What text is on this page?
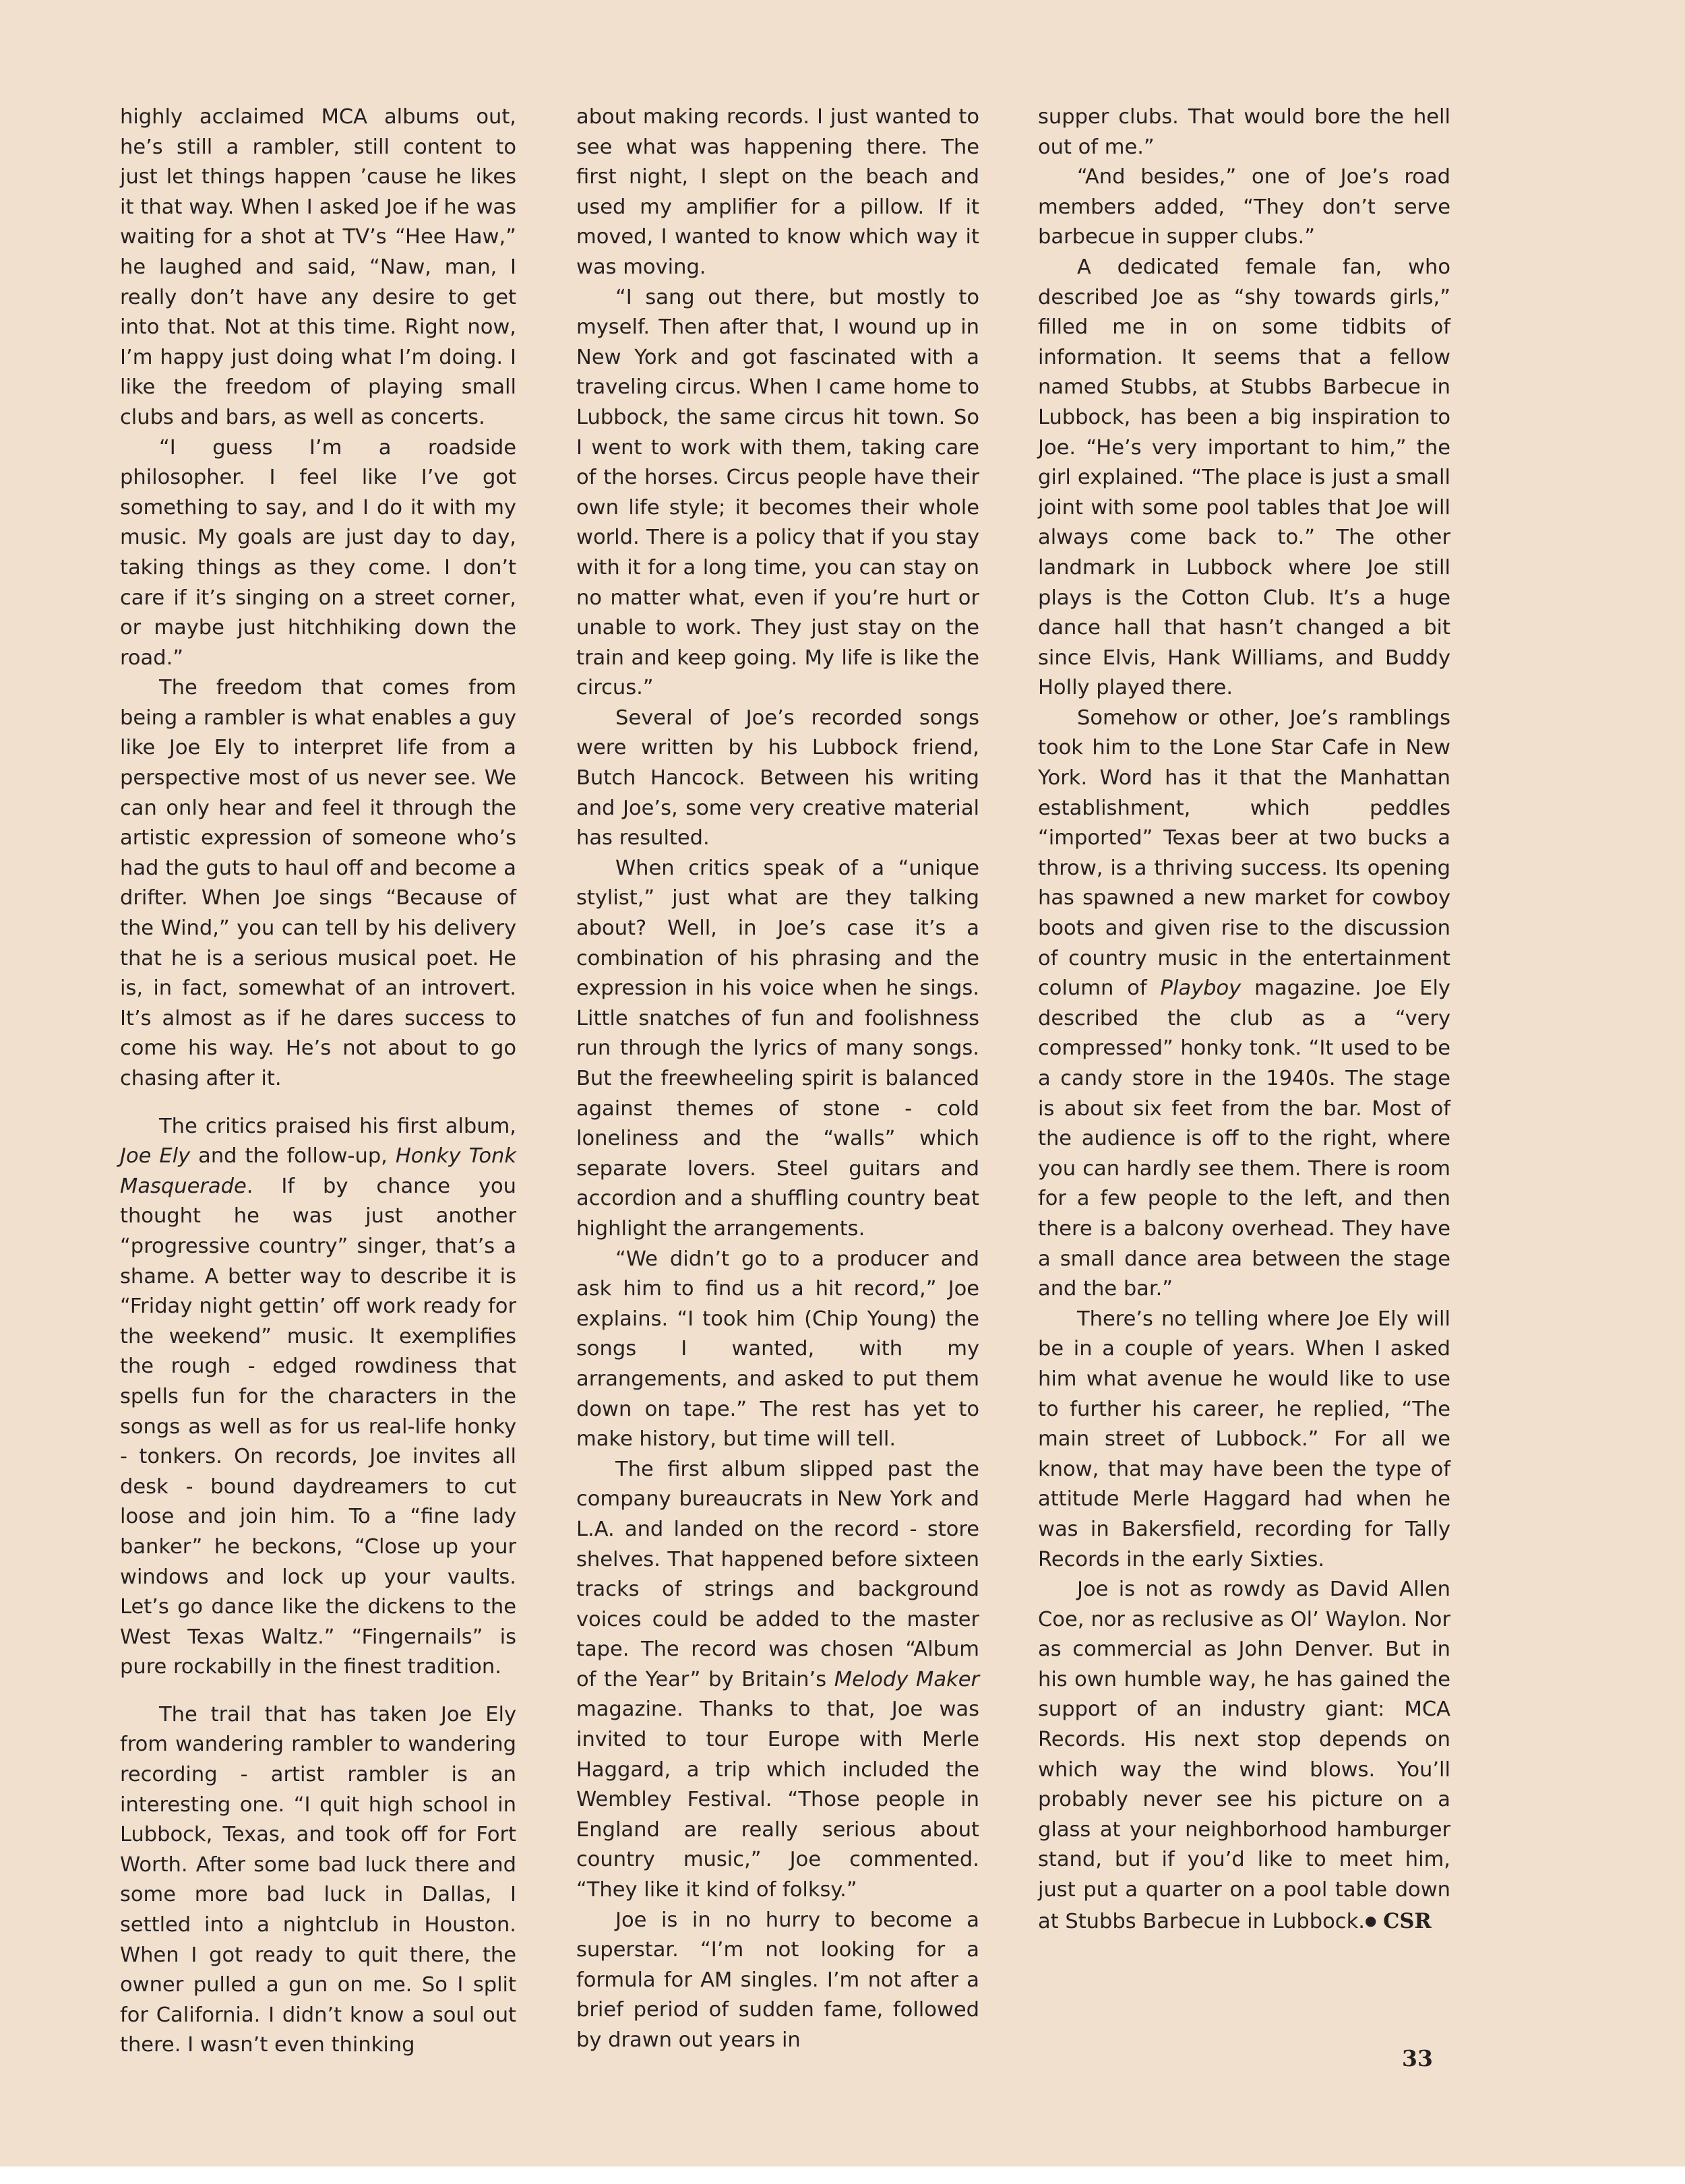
highly acclaimed MCA albums out, he’s still a rambler, still content to just let things happen ’cause he likes it that way. When I asked Joe if he was waiting for a shot at TV’s “Hee Haw,” he laughed and said, “Naw, man, I really don’t have any desire to get into that. Not at this time. Right now, I’m happy just doing what I’m doing. I like the freedom of playing small clubs and bars, as well as concerts.

“I guess I’m a roadside philosopher. I feel like I’ve got something to say, and I do it with my music. My goals are just day to day, taking things as they come. I don’t care if it’s singing on a street corner, or maybe just hitchhiking down the road.”

The freedom that comes from being a rambler is what enables a guy like Joe Ely to interpret life from a perspective most of us never see. We can only hear and feel it through the artistic expression of someone who’s had the guts to haul off and become a drifter. When Joe sings “Because of the Wind,” you can tell by his delivery that he is a serious musical poet. He is, in fact, somewhat of an introvert. It’s almost as if he dares success to come his way. He’s not about to go chasing after it.

The critics praised his first album, Joe Ely and the follow-up, Honky Tonk Masquerade. If by chance you thought he was just another “progressive country” singer, that’s a shame. A better way to describe it is “Friday night gettin’ off work ready for the weekend” music. It exemplifies the rough - edged rowdiness that spells fun for the characters in the songs as well as for us real-life honky - tonkers. On records, Joe invites all desk - bound daydreamers to cut loose and join him. To a “fine lady banker” he beckons, “Close up your windows and lock up your vaults. Let’s go dance like the dickens to the West Texas Waltz.” “Fingernails” is pure rockabilly in the finest tradition.

The trail that has taken Joe Ely from wandering rambler to wandering recording - artist rambler is an interesting one. “I quit high school in Lubbock, Texas, and took off for Fort Worth. After some bad luck there and some more bad luck in Dallas, I settled into a nightclub in Houston. When I got ready to quit there, the owner pulled a gun on me. So I split for California. I didn’t know a soul out there. I wasn’t even thinking

about making records. I just wanted to see what was happening there. The first night, I slept on the beach and used my amplifier for a pillow. If it moved, I wanted to know which way it was moving.

“I sang out there, but mostly to myself. Then after that, I wound up in New York and got fascinated with a traveling circus. When I came home to Lubbock, the same circus hit town. So I went to work with them, taking care of the horses. Circus people have their own life style; it becomes their whole world. There is a policy that if you stay with it for a long time, you can stay on no matter what, even if you’re hurt or unable to work. They just stay on the train and keep going. My life is like the circus.”

Several of Joe’s recorded songs were written by his Lubbock friend, Butch Hancock. Between his writing and Joe’s, some very creative material has resulted.

When critics speak of a “unique stylist,” just what are they talking about? Well, in Joe’s case it’s a combination of his phrasing and the expression in his voice when he sings. Little snatches of fun and foolishness run through the lyrics of many songs. But the freewheeling spirit is balanced against themes of stone - cold loneliness and the “walls” which separate lovers. Steel guitars and accordion and a shuffling country beat highlight the arrangements.

“We didn’t go to a producer and ask him to find us a hit record,” Joe explains. “I took him (Chip Young) the songs I wanted, with my arrangements, and asked to put them down on tape.” The rest has yet to make history, but time will tell.

The first album slipped past the company bureaucrats in New York and L.A. and landed on the record - store shelves. That happened before sixteen tracks of strings and background voices could be added to the master tape. The record was chosen “Album of the Year” by Britain’s Melody Maker magazine. Thanks to that, Joe was invited to tour Europe with Merle Haggard, a trip which included the Wembley Festival. “Those people in England are really serious about country music,” Joe commented. “They like it kind of folksy.”

Joe is in no hurry to become a superstar. “I’m not looking for a formula for AM singles. I’m not after a brief period of sudden fame, followed by drawn out years in

supper clubs. That would bore the hell out of me.”

“And besides,” one of Joe’s road members added, “They don’t serve barbecue in supper clubs.”

A dedicated female fan, who described Joe as “shy towards girls,” filled me in on some tidbits of information. It seems that a fellow named Stubbs, at Stubbs Barbecue in Lubbock, has been a big inspiration to Joe. “He’s very important to him,” the girl explained. “The place is just a small joint with some pool tables that Joe will always come back to.” The other landmark in Lubbock where Joe still plays is the Cotton Club. It’s a huge dance hall that hasn’t changed a bit since Elvis, Hank Williams, and Buddy Holly played there.

Somehow or other, Joe’s ramblings took him to the Lone Star Cafe in New York. Word has it that the Manhattan establishment, which peddles “imported” Texas beer at two bucks a throw, is a thriving success. Its opening has spawned a new market for cowboy boots and given rise to the discussion of country music in the entertainment column of Playboy magazine. Joe Ely described the club as a “very compressed” honky tonk. “It used to be a candy store in the 1940s. The stage is about six feet from the bar. Most of the audience is off to the right, where you can hardly see them. There is room for a few people to the left, and then there is a balcony overhead. They have a small dance area between the stage and the bar.”

There’s no telling where Joe Ely will be in a couple of years. When I asked him what avenue he would like to use to further his career, he replied, “The main street of Lubbock.” For all we know, that may have been the type of attitude Merle Haggard had when he was in Bakersfield, recording for Tally Records in the early Sixties.

Joe is not as rowdy as David Allen Coe, nor as reclusive as Ol’ Waylon. Nor as commercial as John Denver. But in his own humble way, he has gained the support of an industry giant: MCA Records. His next stop depends on which way the wind blows. You’ll probably never see his picture on a glass at your neighborhood hamburger stand, but if you’d like to meet him, just put a quarter on a pool table down at Stubbs Barbecue in Lubbock.● CSR

33
